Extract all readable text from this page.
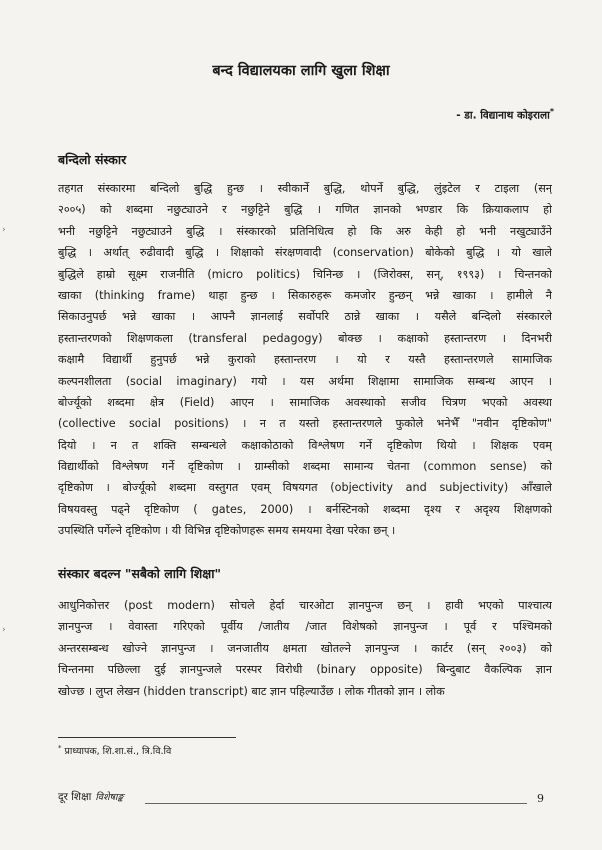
बन्द विद्यालयका लागि खुला शिक्षा
- डा. विद्यानाथ कोइराला*
बन्दिलो संस्कार
तहगत संस्कारमा बन्दिलो बुद्धि हुन्छ । स्वीकार्ने बुद्धि, थोपर्ने बुद्धि, लुंइटेल र टाइला (सन्
२००५) को शब्दमा नछुट्याउने र नछुट्टिने बुद्धि । गणित ज्ञानको भण्डार कि क्रियाकलाप हो
भनी नछुट्टिने नछुट्याउने बुद्धि । संस्कारको प्रतिनिधित्व हो कि अरु केही हो भनी नखुट्याउँने
बुद्धि । अर्थात् रुढीवादी बुद्धि । शिक्षाको संरक्षणवादी (conservation) बोकेको बुद्धि । यो खाले
बुद्धिले हाम्रो सूक्ष्म राजनीति (micro politics) चिनिन्छ । (जिरोक्स, सन्, १९९३) । चिन्तनको
खाका (thinking frame) थाहा हुन्छ । सिकारुहरू कमजोर हुन्छन् भन्ने खाका । हामीले नै
सिकाउनुपर्छ भन्ने खाका । आफ्नै ज्ञानलाई सर्वोपरि ठान्ने खाका । यसैले बन्दिलो संस्कारले
हस्तान्तरणको शिक्षणकला (transferal pedagogy) बोक्छ । कक्षाको हस्तान्तरण । दिनभरी
कक्षामै विद्यार्थी हुनुपर्छ भन्ने कुराको हस्तान्तरण । यो र यस्तै हस्तान्तरणले सामाजिक
कल्पनशीलता (social imaginary) गयो । यस अर्थमा शिक्षामा सामाजिक सम्बन्ध आएन ।
बोर्ज्यूको शब्दमा क्षेत्र (Field) आएन । सामाजिक अवस्थाको सजीव चित्रण भएको अवस्था
(collective social positions) । न त यस्तो हस्तान्तरणले फुकोले भनेभैँ "नवीन दृष्टिकोण"
दियो । न त शक्ति सम्बन्धले कक्षाकोठाको विश्लेषण गर्ने दृष्टिकोण थियो । शिक्षक एवम्
विद्यार्थीको विश्लेषण गर्ने दृष्टिकोण । ग्राम्सीको शब्दमा सामान्य चेतना (common sense) को
दृष्टिकोण । बोर्ज्यूको शब्दमा वस्तुगत एवम् विषयगत (objectivity and subjectivity) आँखाले
विषयवस्तु पढ्ने दृष्टिकोण ( gates, 2000) । बर्नस्टिनको शब्दमा दृश्य र अदृश्य शिक्षणको
उपस्थिति पर्गेल्ने दृष्टिकोण । यी विभिन्न दृष्टिकोणहरू समय समयमा देखा परेका छन् ।
संस्कार बदल्न "सबैको लागि शिक्षा"
आधुनिकोत्तर (post modern) सोचले हेर्दा चारओटा ज्ञानपुन्ज छन् । हावी भएको पाश्चात्य
ज्ञानपुन्ज । वेवास्ता गरिएको पूर्वीय /जातीय /जात विशेषको ज्ञानपुन्ज । पूर्व र पश्चिमको
अन्तरसम्बन्ध खोज्ने ज्ञानपुन्ज । जनजातीय क्षमता खोतल्ने ज्ञानपुन्ज । कार्टर (सन् २००३) को
चिन्तनमा पछिल्ला दुई ज्ञानपुन्जले परस्पर विरोधी (binary opposite) बिन्दुबाट वैकल्पिक ज्ञान
खोज्छ । लुप्त लेखन (hidden transcript) बाट ज्ञान पहिल्याउँछ । लोक गीतको ज्ञान । लोक
* प्राध्यापक, शि.शा.सं., त्रि.वि.वि
दूर शिक्षा विशेषाङ्क	9
›
›
